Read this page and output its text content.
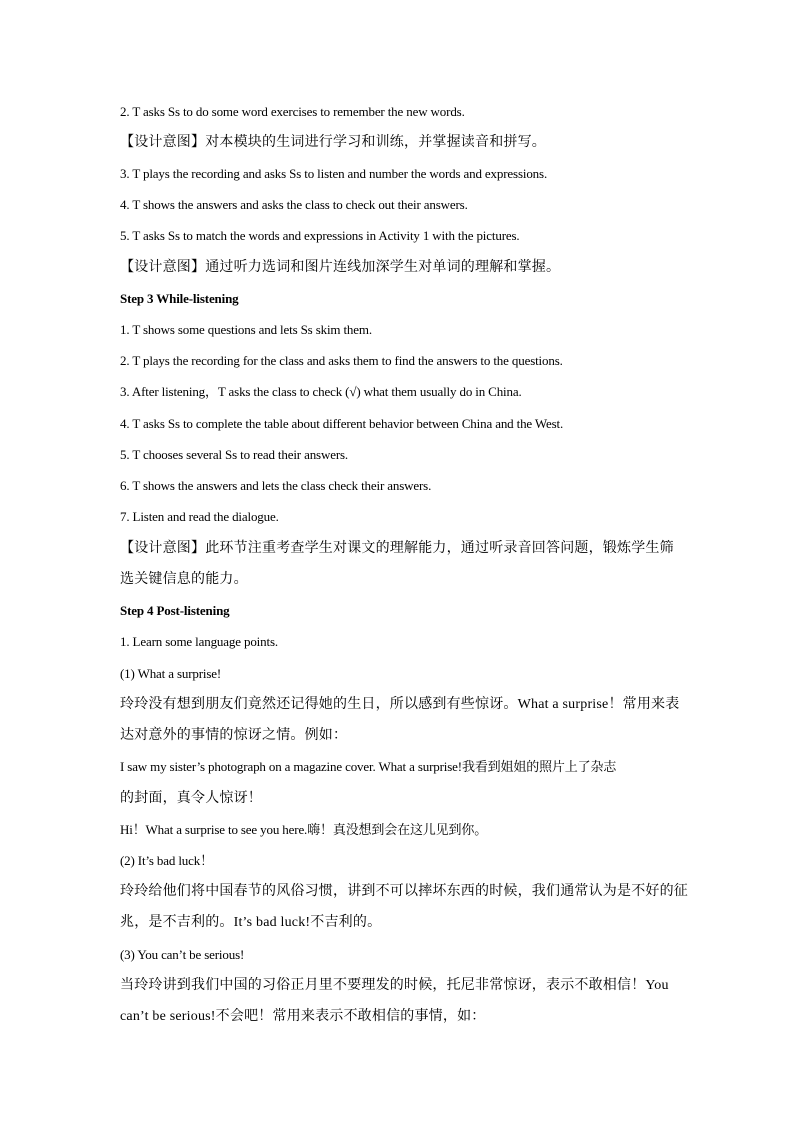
2. T asks Ss to do some word exercises to remember the new words.
【设计意图】对本模块的生词进行学习和训练，并掌握读音和拼写。
3. T plays the recording and asks Ss to listen and number the words and expressions.
4. T shows the answers and asks the class to check out their answers.
5. T asks Ss to match the words and expressions in Activity 1 with the pictures.
【设计意图】通过听力选词和图片连线加深学生对单词的理解和掌握。
Step 3 While-listening
1. T shows some questions and lets Ss skim them.
2. T plays the recording for the class and asks them to find the answers to the questions.
3. After listening，T asks the class to check (√) what them usually do in China.
4. T asks Ss to complete the table about different behavior between China and the West.
5. T chooses several Ss to read their answers.
6. T shows the answers and lets the class check their answers.
7. Listen and read the dialogue.
【设计意图】此环节注重考查学生对课文的理解能力，通过听录音回答问题，锻炼学生筛
选关键信息的能力。
Step 4 Post-listening
1. Learn some language points.
(1) What a surprise!
玲玲没有想到朋友们竟然还记得她的生日，所以感到有些惊讶。What a surprise！常用来表
达对意外的事情的惊讶之情。例如：
I saw my sister’s photograph on a magazine cover. What a surprise!我看到姐姐的照片上了杂志
的封面，真令人惊讶！
Hi！What a surprise to see you here.嗨！真没想到会在这儿见到你。
(2) It’s bad luck！
玲玲给他们将中国春节的风俗习惯，讲到不可以摔坏东西的时候，我们通常认为是不好的征
兆，是不吉利的。It’s bad luck!不吉利的。
(3) You can’t be serious!
当玲玲讲到我们中国的习俗正月里不要理发的时候，托尼非常惊讶，表示不敢相信！You
can’t be serious!不会吧！常用来表示不敢相信的事情，如：
